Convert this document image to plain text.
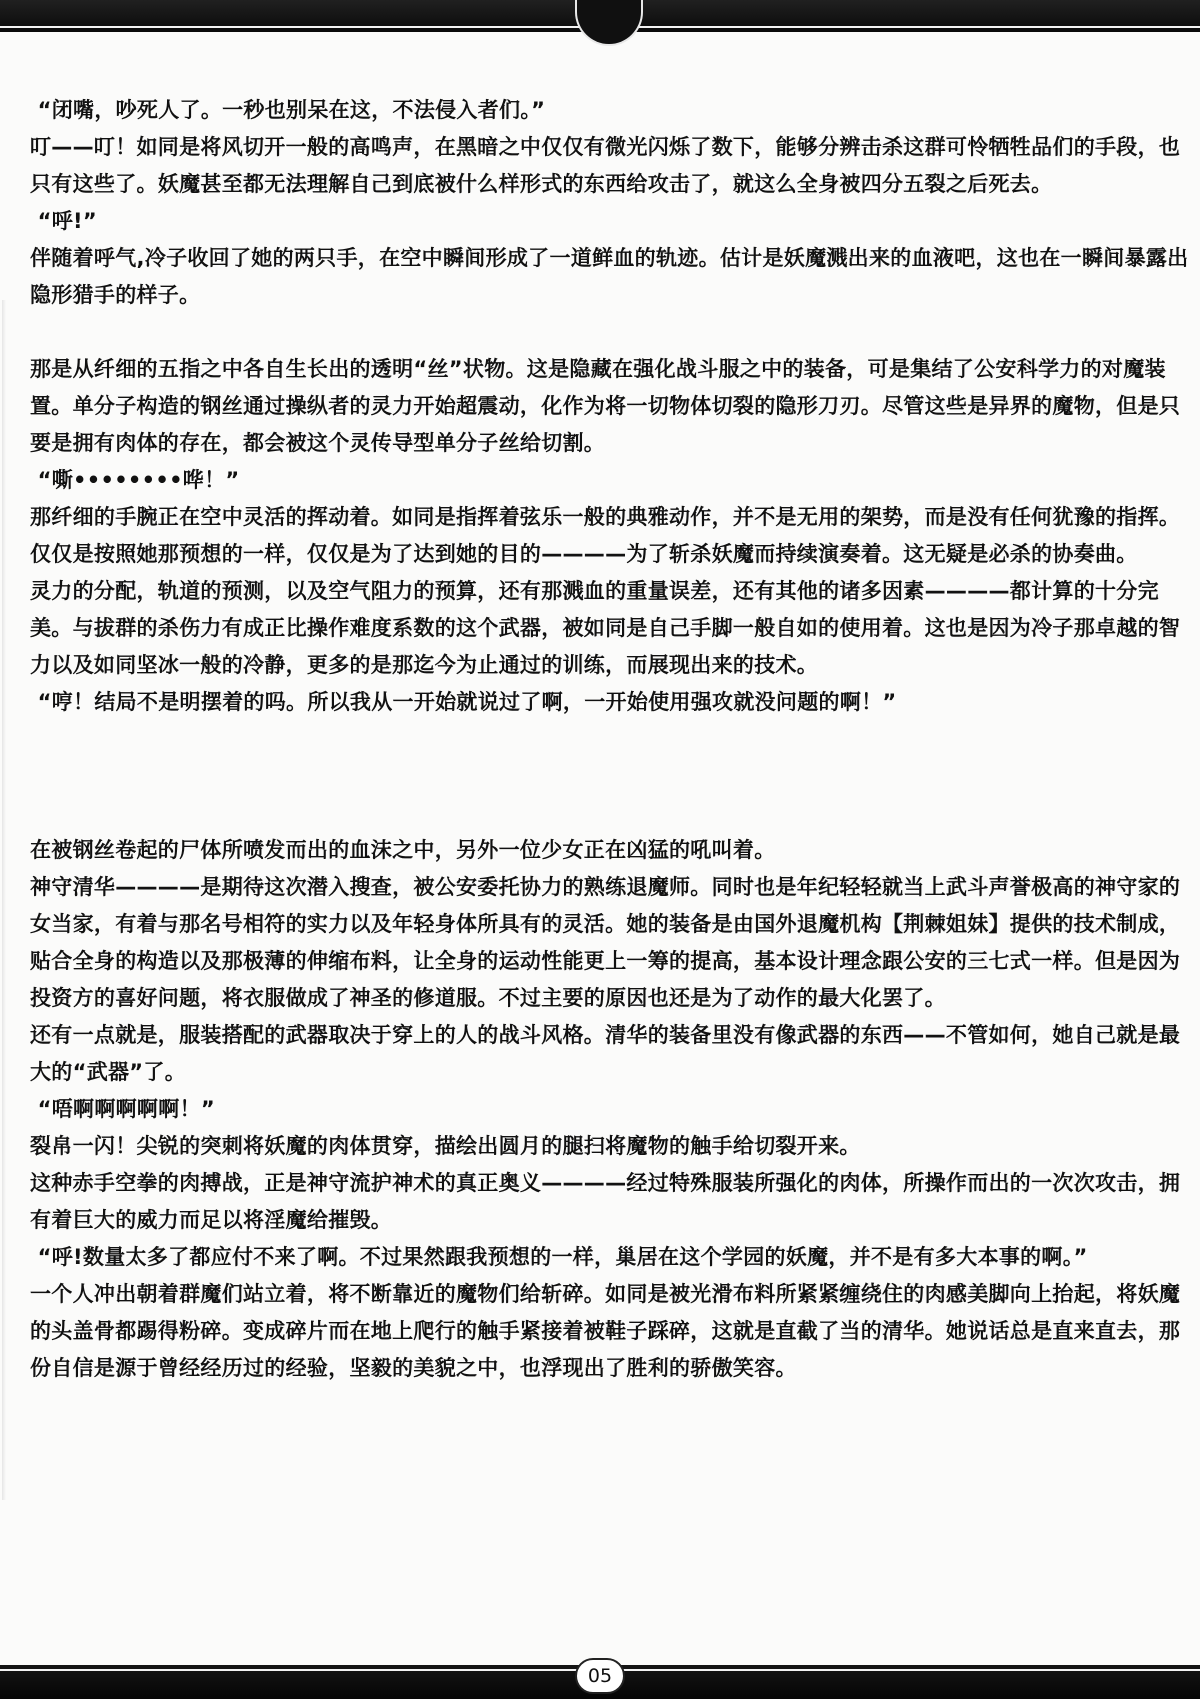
“闭嘴，吵死人了。一秒也别呆在这，不法侵入者们。”

叮——叮！如同是将风切开一般的高鸣声，在黑暗之中仅仅有微光闪烁了数下，能够分辨击杀这群可怜牺牲品们的手段，也只有这些了。妖魔甚至都无法理解自己到底被什么样形式的东西给攻击了，就这么全身被四分五裂之后死去。

“呼!”

伴随着呼气,冷子收回了她的两只手，在空中瞬间形成了一道鲜血的轨迹。估计是妖魔溅出来的血液吧，这也在一瞬间暴露出隐形猎手的样子。

那是从纤细的五指之中各自生长出的透明“丝”状物。这是隐藏在强化战斗服之中的装备，可是集结了公安科学力的对魔装置。单分子构造的钢丝通过操纵者的灵力开始超震动，化作为将一切物体切裂的隐形刀刃。尽管这些是异界的魔物，但是只要是拥有肉体的存在，都会被这个灵传导型单分子丝给切割。

“嘶••••••••哗！”

那纤细的手腕正在空中灵活的挥动着。如同是指挥着弦乐一般的典雅动作，并不是无用的架势，而是没有任何犹豫的指挥。仅仅是按照她那预想的一样，仅仅是为了达到她的目的————为了斩杀妖魔而持续演奏着。这无疑是必杀的协奏曲。

灵力的分配，轨道的预测，以及空气阻力的预算，还有那溅血的重量误差，还有其他的诸多因素————都计算的十分完美。与拔群的杀伤力有成正比操作难度系数的这个武器，被如同是自己手脚一般自如的使用着。这也是因为冷子那卓越的智力以及如同坚冰一般的冷静，更多的是那迄今为止通过的训练，而展现出来的技术。

“哼！结局不是明摆着的吗。所以我从一开始就说过了啊，一开始使用强攻就没问题的啊！”

在被钢丝卷起的尸体所喷发而出的血沫之中，另外一位少女正在凶猛的吼叫着。

神守清华————是期待这次潜入搜查，被公安委托协力的熟练退魔师。同时也是年纪轻轻就当上武斗声誉极高的神守家的女当家，有着与那名号相符的实力以及年轻身体所具有的灵活。她的装备是由国外退魔机构【荆棘姐妹】提供的技术制成，贴合全身的构造以及那极薄的伸缩布料，让全身的运动性能更上一筹的提高，基本设计理念跟公安的三七式一样。但是因为投资方的喜好问题，将衣服做成了神圣的修道服。不过主要的原因也还是为了动作的最大化罢了。

还有一点就是，服装搭配的武器取决于穿上的人的战斗风格。清华的装备里没有像武器的东西——不管如何，她自己就是最大的“武器”了。

“唔啊啊啊啊啊！”

裂帛一闪！尖锐的突刺将妖魔的肉体贯穿，描绘出圆月的腿扫将魔物的触手给切裂开来。

这种赤手空拳的肉搏战，正是神守流护神术的真正奥义————经过特殊服装所强化的肉体，所操作而出的一次次攻击，拥有着巨大的威力而足以将淫魔给摧毁。

“呼!数量太多了都应付不来了啊。不过果然跟我预想的一样，巢居在这个学园的妖魔，并不是有多大本事的啊。”

一个人冲出朝着群魔们站立着，将不断靠近的魔物们给斩碎。如同是被光滑布料所紧紧缠绕住的肉感美脚向上抬起，将妖魔的头盖骨都踢得粉碎。变成碎片而在地上爬行的触手紧接着被鞋子踩碎，这就是直截了当的清华。她说话总是直来直去，那份自信是源于曾经经历过的经验，坚毅的美貌之中，也浮现出了胜利的骄傲笑容。

05
